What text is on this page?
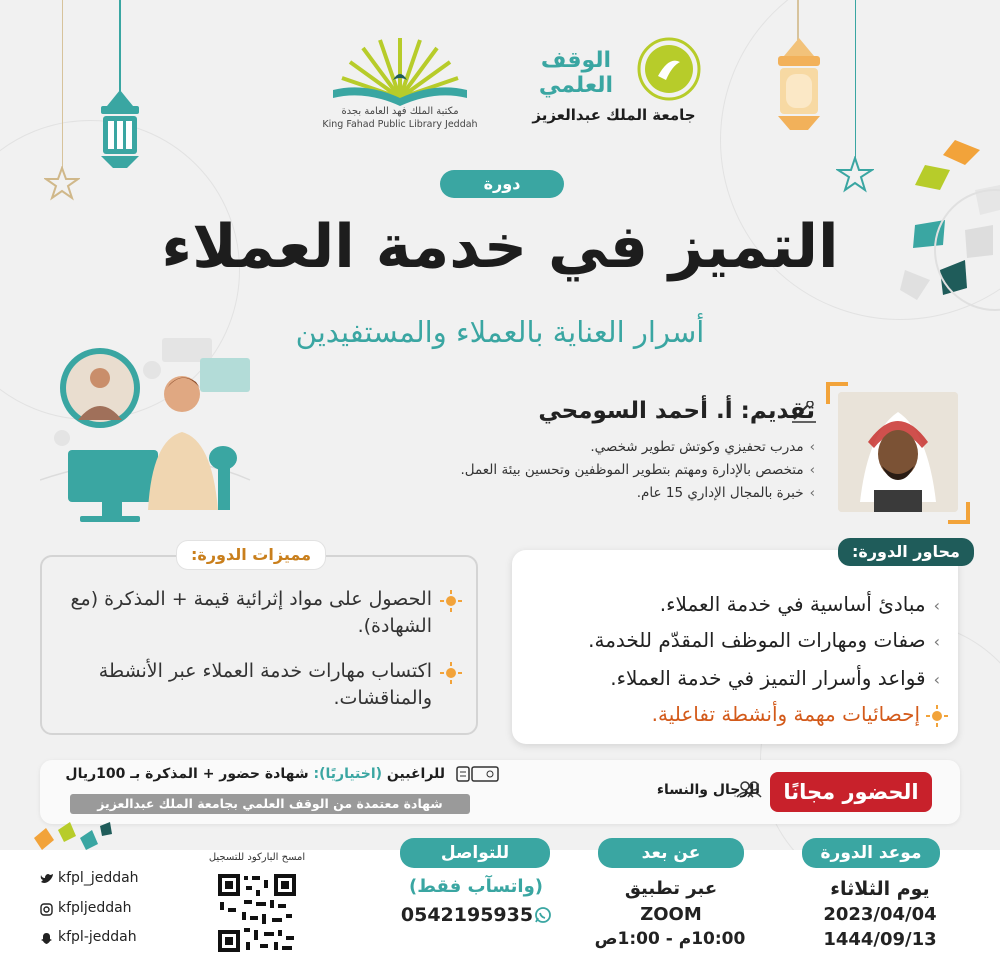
مكتبة الملك فهد العامة بجدة
King Fahad Public Library Jeddah
الوقف العلمي
جامعة الملك عبدالعزيز
دورة
التميز في خدمة العملاء
أسرار العناية بالعملاء والمستفيدين
تقديم: أ. أحمد السومحي
›مدرب تحفيزي وكوتش تطوير شخصي.
›متخصص بالإدارة ومهتم بتطوير الموظفين وتحسين بيئة العمل.
›خبرة بالمجال الإداري 15 عام.
مميزات الدورة:
الحصول على مواد إثرائية قيمة + المذكرة (مع الشهادة).
اكتساب مهارات خدمة العملاء عبر الأنشطة والمناقشات.
محاور الدورة:
›مبادئ أساسية في خدمة العملاء.
›صفات ومهارات الموظف المقدّم للخدمة.
›قواعد وأسرار التميز في خدمة العملاء.
إحصائيات مهمة وأنشطة تفاعلية.
للراغبين (اختياريًا): شهادة حضور + المذكرة بـ 100ريال
شهادة معتمدة من الوقف العلمي بجامعة الملك عبدالعزيز	الحضور مجانًا
للرجال والنساء
موعد الدورة
يوم الثلاثاء
2023/04/04
1444/09/13
عن بعد
عبر تطبيق
ZOOM
10:00م - 1:00ص
للتواصل
(واتسآب فقط)
0542195935
امسح الباركود للتسجيل
kfpl_jeddah
kfpljeddah
kfpl-jeddah
